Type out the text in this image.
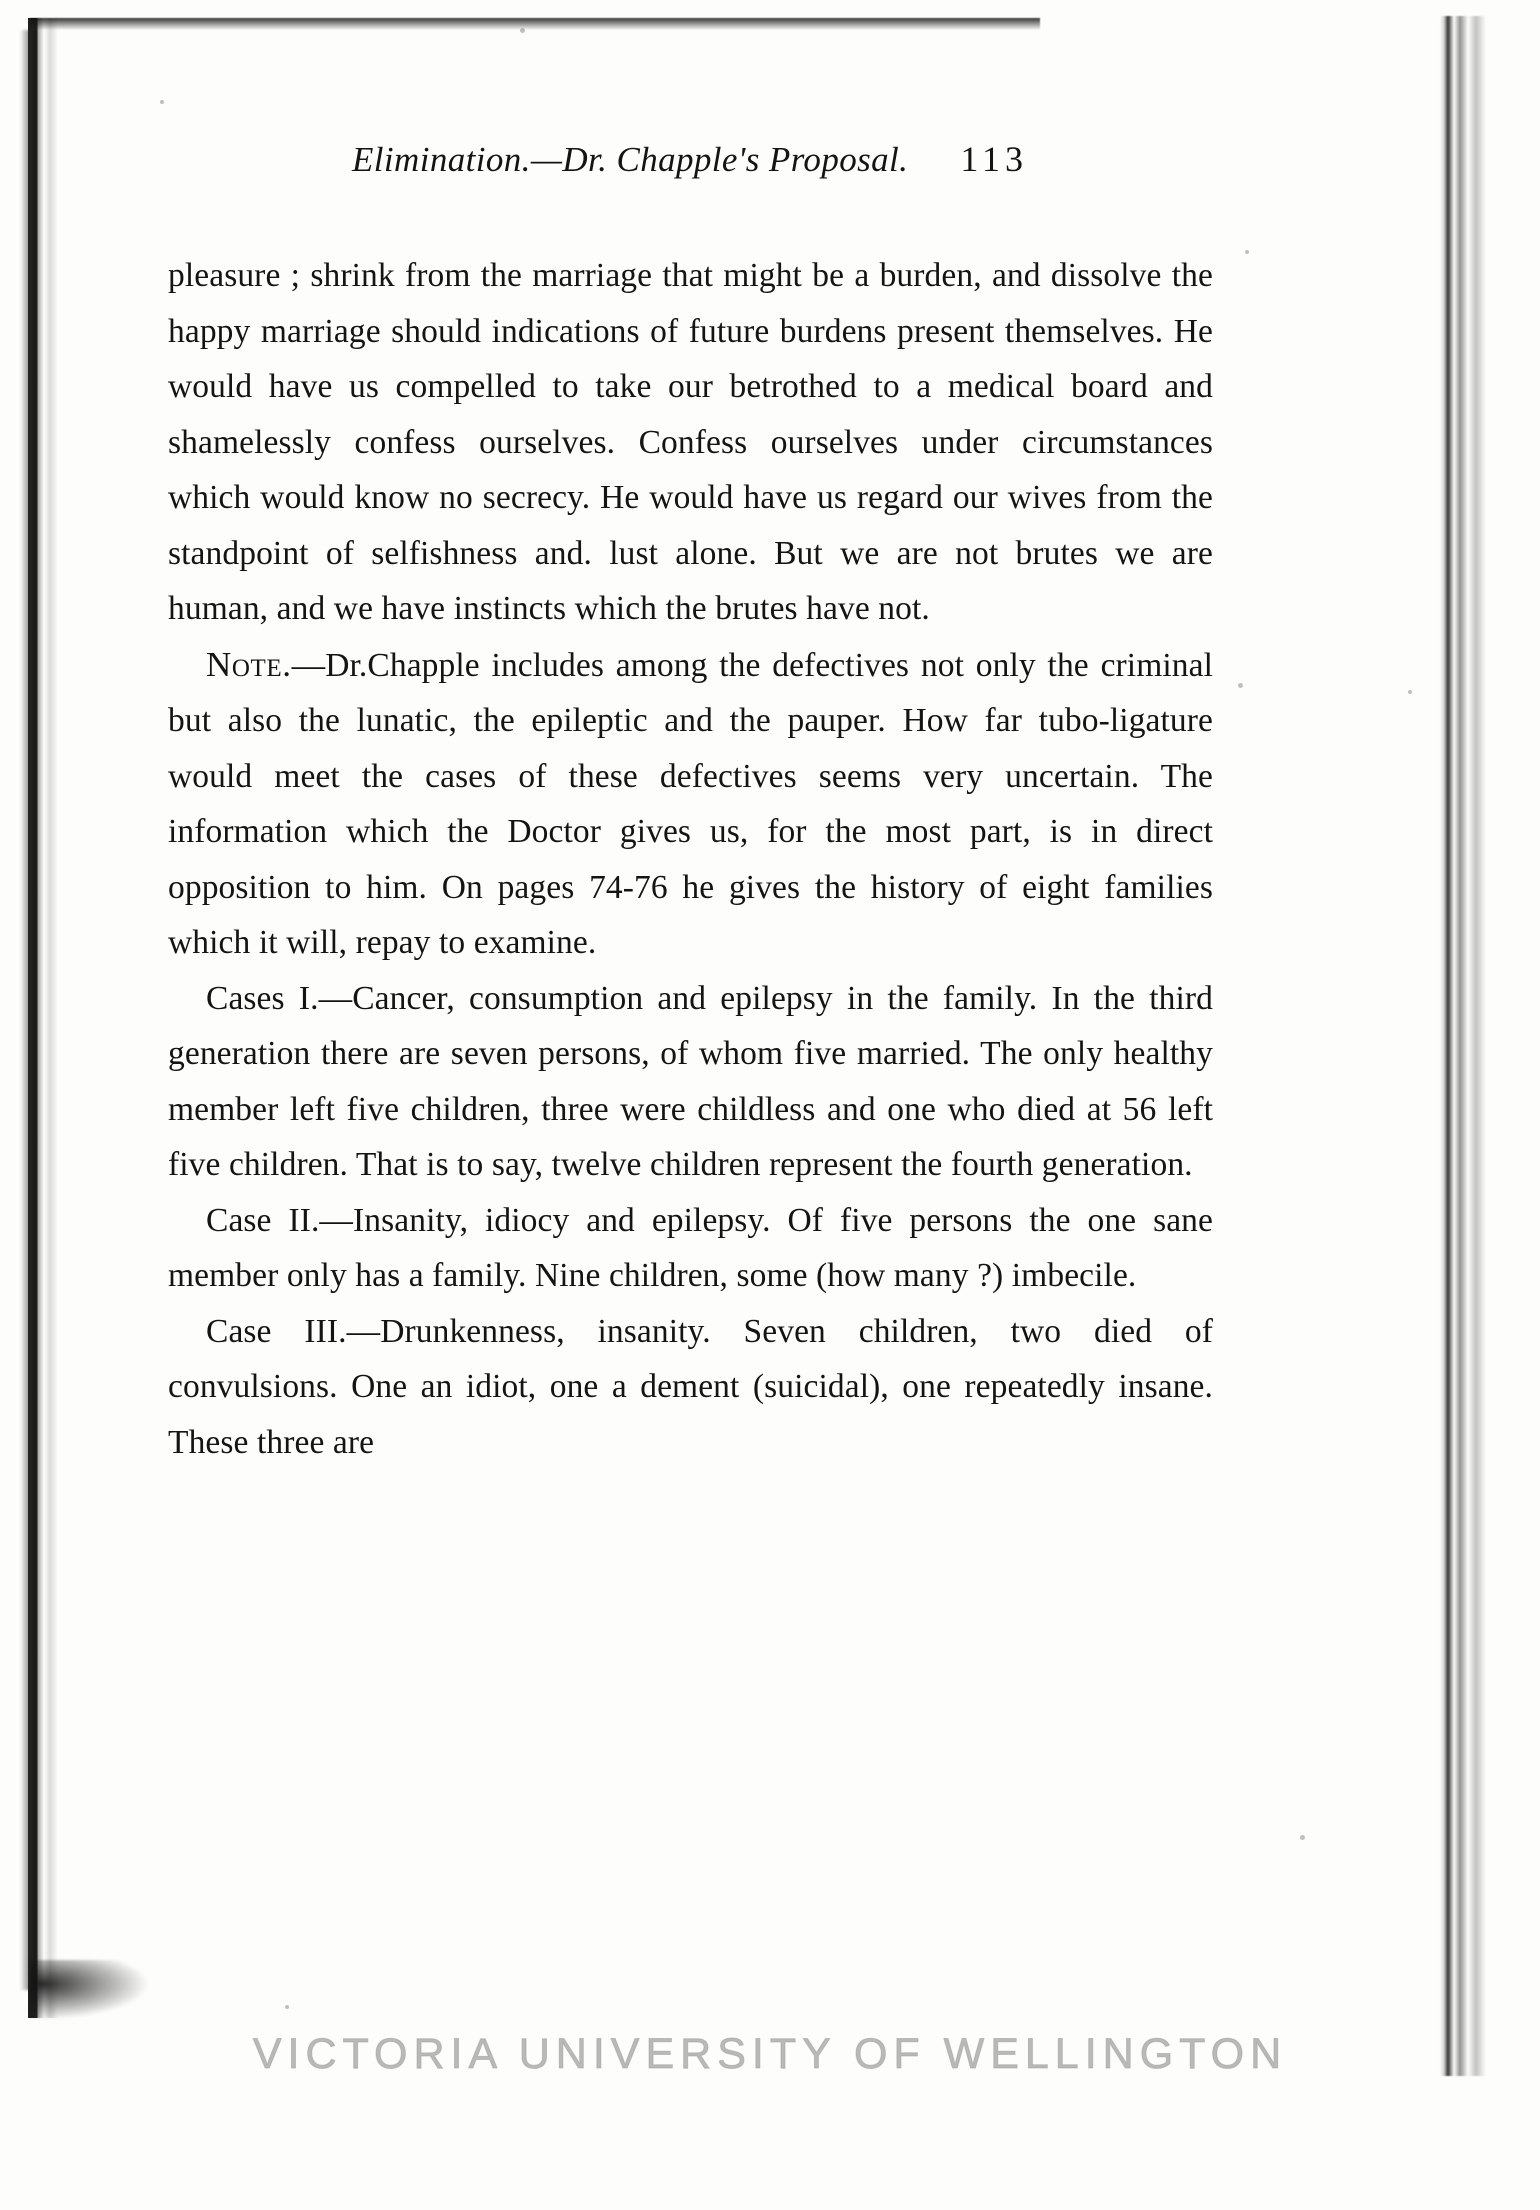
Elimination.—Dr. Chapple's Proposal. 113

pleasure ; shrink from the marriage that might be a burden, and dissolve the happy marriage should indications of future burdens present themselves. He would have us compelled to take our betrothed to a medical board and shamelessly confess ourselves. Confess ourselves under circumstances which would know no secrecy. He would have us regard our wives from the standpoint of selfishness and. lust alone. But we are not brutes we are human, and we have instincts which the brutes have not.

Note.—Dr.Chapple includes among the defectives not only the criminal but also the lunatic, the epileptic and the pauper. How far tubo-ligature would meet the cases of these defectives seems very uncertain. The information which the Doctor gives us, for the most part, is in direct opposition to him. On pages 74-76 he gives the history of eight families which it will, repay to examine.

Cases I.—Cancer, consumption and epilepsy in the family. In the third generation there are seven persons, of whom five married. The only healthy member left five children, three were childless and one who died at 56 left five children. That is to say, twelve children represent the fourth generation.

Case II.—Insanity, idiocy and epilepsy. Of five persons the one sane member only has a family. Nine children, some (how many ?) imbecile.

Case III.—Drunkenness, insanity. Seven children, two died of convulsions. One an idiot, one a dement (suicidal), one repeatedly insane. These three are

VICTORIA UNIVERSITY OF WELLINGTON
